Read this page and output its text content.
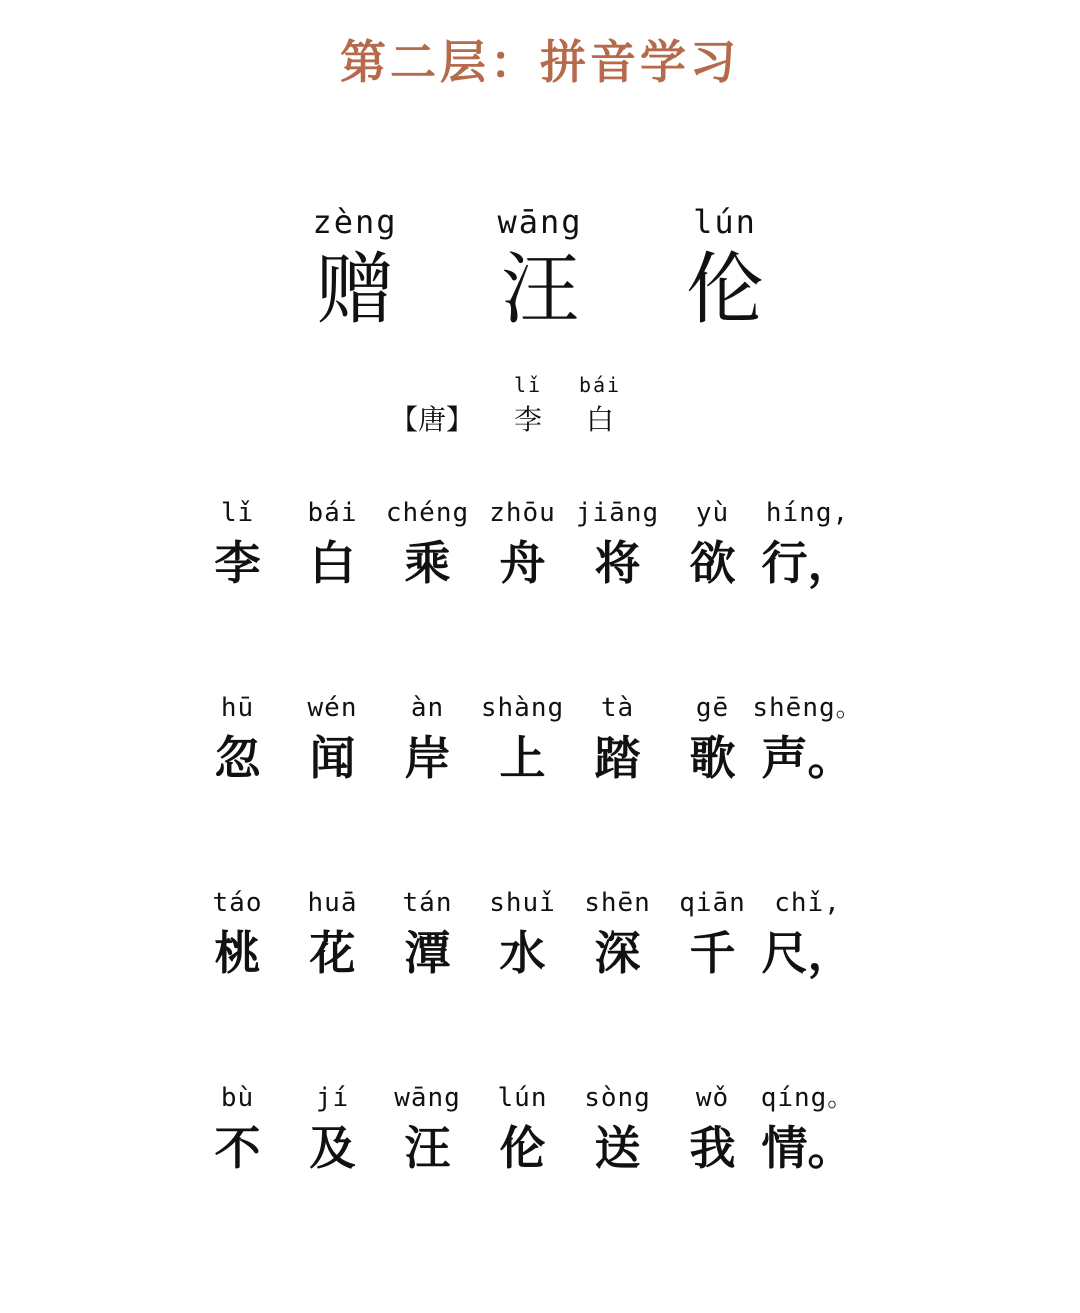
第二层：拼音学习
zèng
赠
wāng
汪
lún
伦
【唐】
lǐ
李
bái
白
lǐ
李
bái
白
chéng
乘
zhōu
舟
jiāng
将
yù
欲
hı́ng,
行，
hū
忽
wén
闻
àn
岸
shàng
上
tà
踏
gē
歌
shēng。
声。
táo
桃
huā
花
tán
潭
shuǐ
水
shēn
深
qiān
千
chǐ,
尺，
bù
不
jí
及
wāng
汪
lún
伦
sòng
送
wǒ
我
qíng。
情。
